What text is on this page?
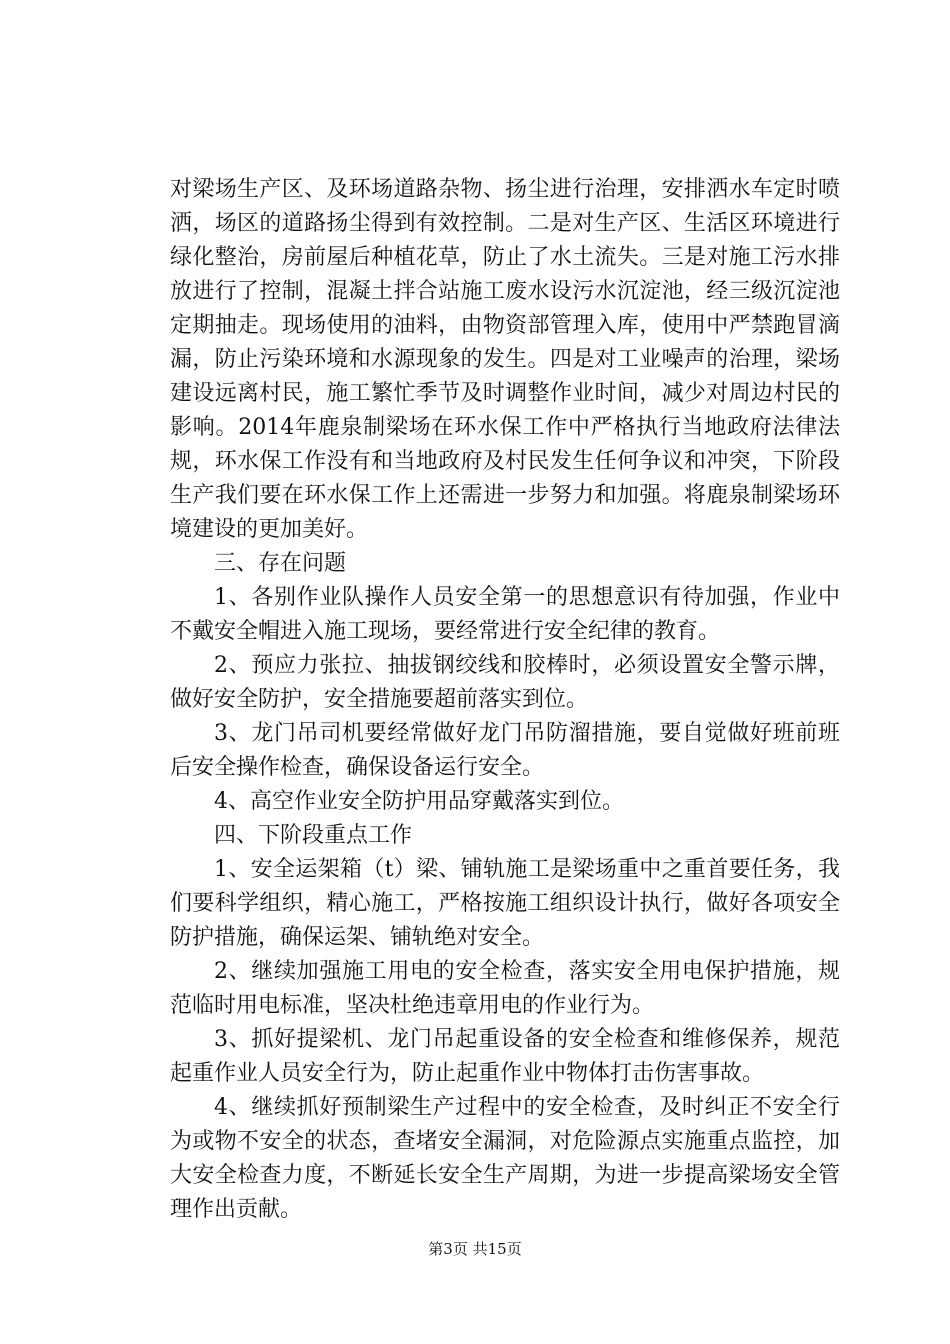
对梁场生产区、及环场道路杂物、扬尘进行治理，安排洒水车定时喷洒，场区的道路扬尘得到有效控制。二是对生产区、生活区环境进行绿化整治，房前屋后种植花草，防止了水土流失。三是对施工污水排放进行了控制，混凝土拌合站施工废水设污水沉淀池，经三级沉淀池定期抽走。现场使用的油料，由物资部管理入库，使用中严禁跑冒滴漏，防止污染环境和水源现象的发生。四是对工业噪声的治理，梁场建设远离村民，施工繁忙季节及时调整作业时间，减少对周边村民的影响。2014年鹿泉制梁场在环水保工作中严格执行当地政府法律法规，环水保工作没有和当地政府及村民发生任何争议和冲突，下阶段生产我们要在环水保工作上还需进一步努力和加强。将鹿泉制梁场环境建设的更加美好。

三、存在问题

1、各别作业队操作人员安全第一的思想意识有待加强，作业中不戴安全帽进入施工现场，要经常进行安全纪律的教育。

2、预应力张拉、抽拔钢绞线和胶棒时，必须设置安全警示牌，做好安全防护，安全措施要超前落实到位。

3、龙门吊司机要经常做好龙门吊防溜措施，要自觉做好班前班后安全操作检查，确保设备运行安全。

4、高空作业安全防护用品穿戴落实到位。

四、下阶段重点工作

1、安全运架箱（t）梁、铺轨施工是梁场重中之重首要任务，我们要科学组织，精心施工，严格按施工组织设计执行，做好各项安全防护措施，确保运架、铺轨绝对安全。

2、继续加强施工用电的安全检查，落实安全用电保护措施，规范临时用电标准，坚决杜绝违章用电的作业行为。

3、抓好提梁机、龙门吊起重设备的安全检查和维修保养，规范起重作业人员安全行为，防止起重作业中物体打击伤害事故。

4、继续抓好预制梁生产过程中的安全检查，及时纠正不安全行为或物不安全的状态，查堵安全漏洞，对危险源点实施重点监控，加大安全检查力度，不断延长安全生产周期，为进一步提高梁场安全管理作出贡献。

第3页 共15页
